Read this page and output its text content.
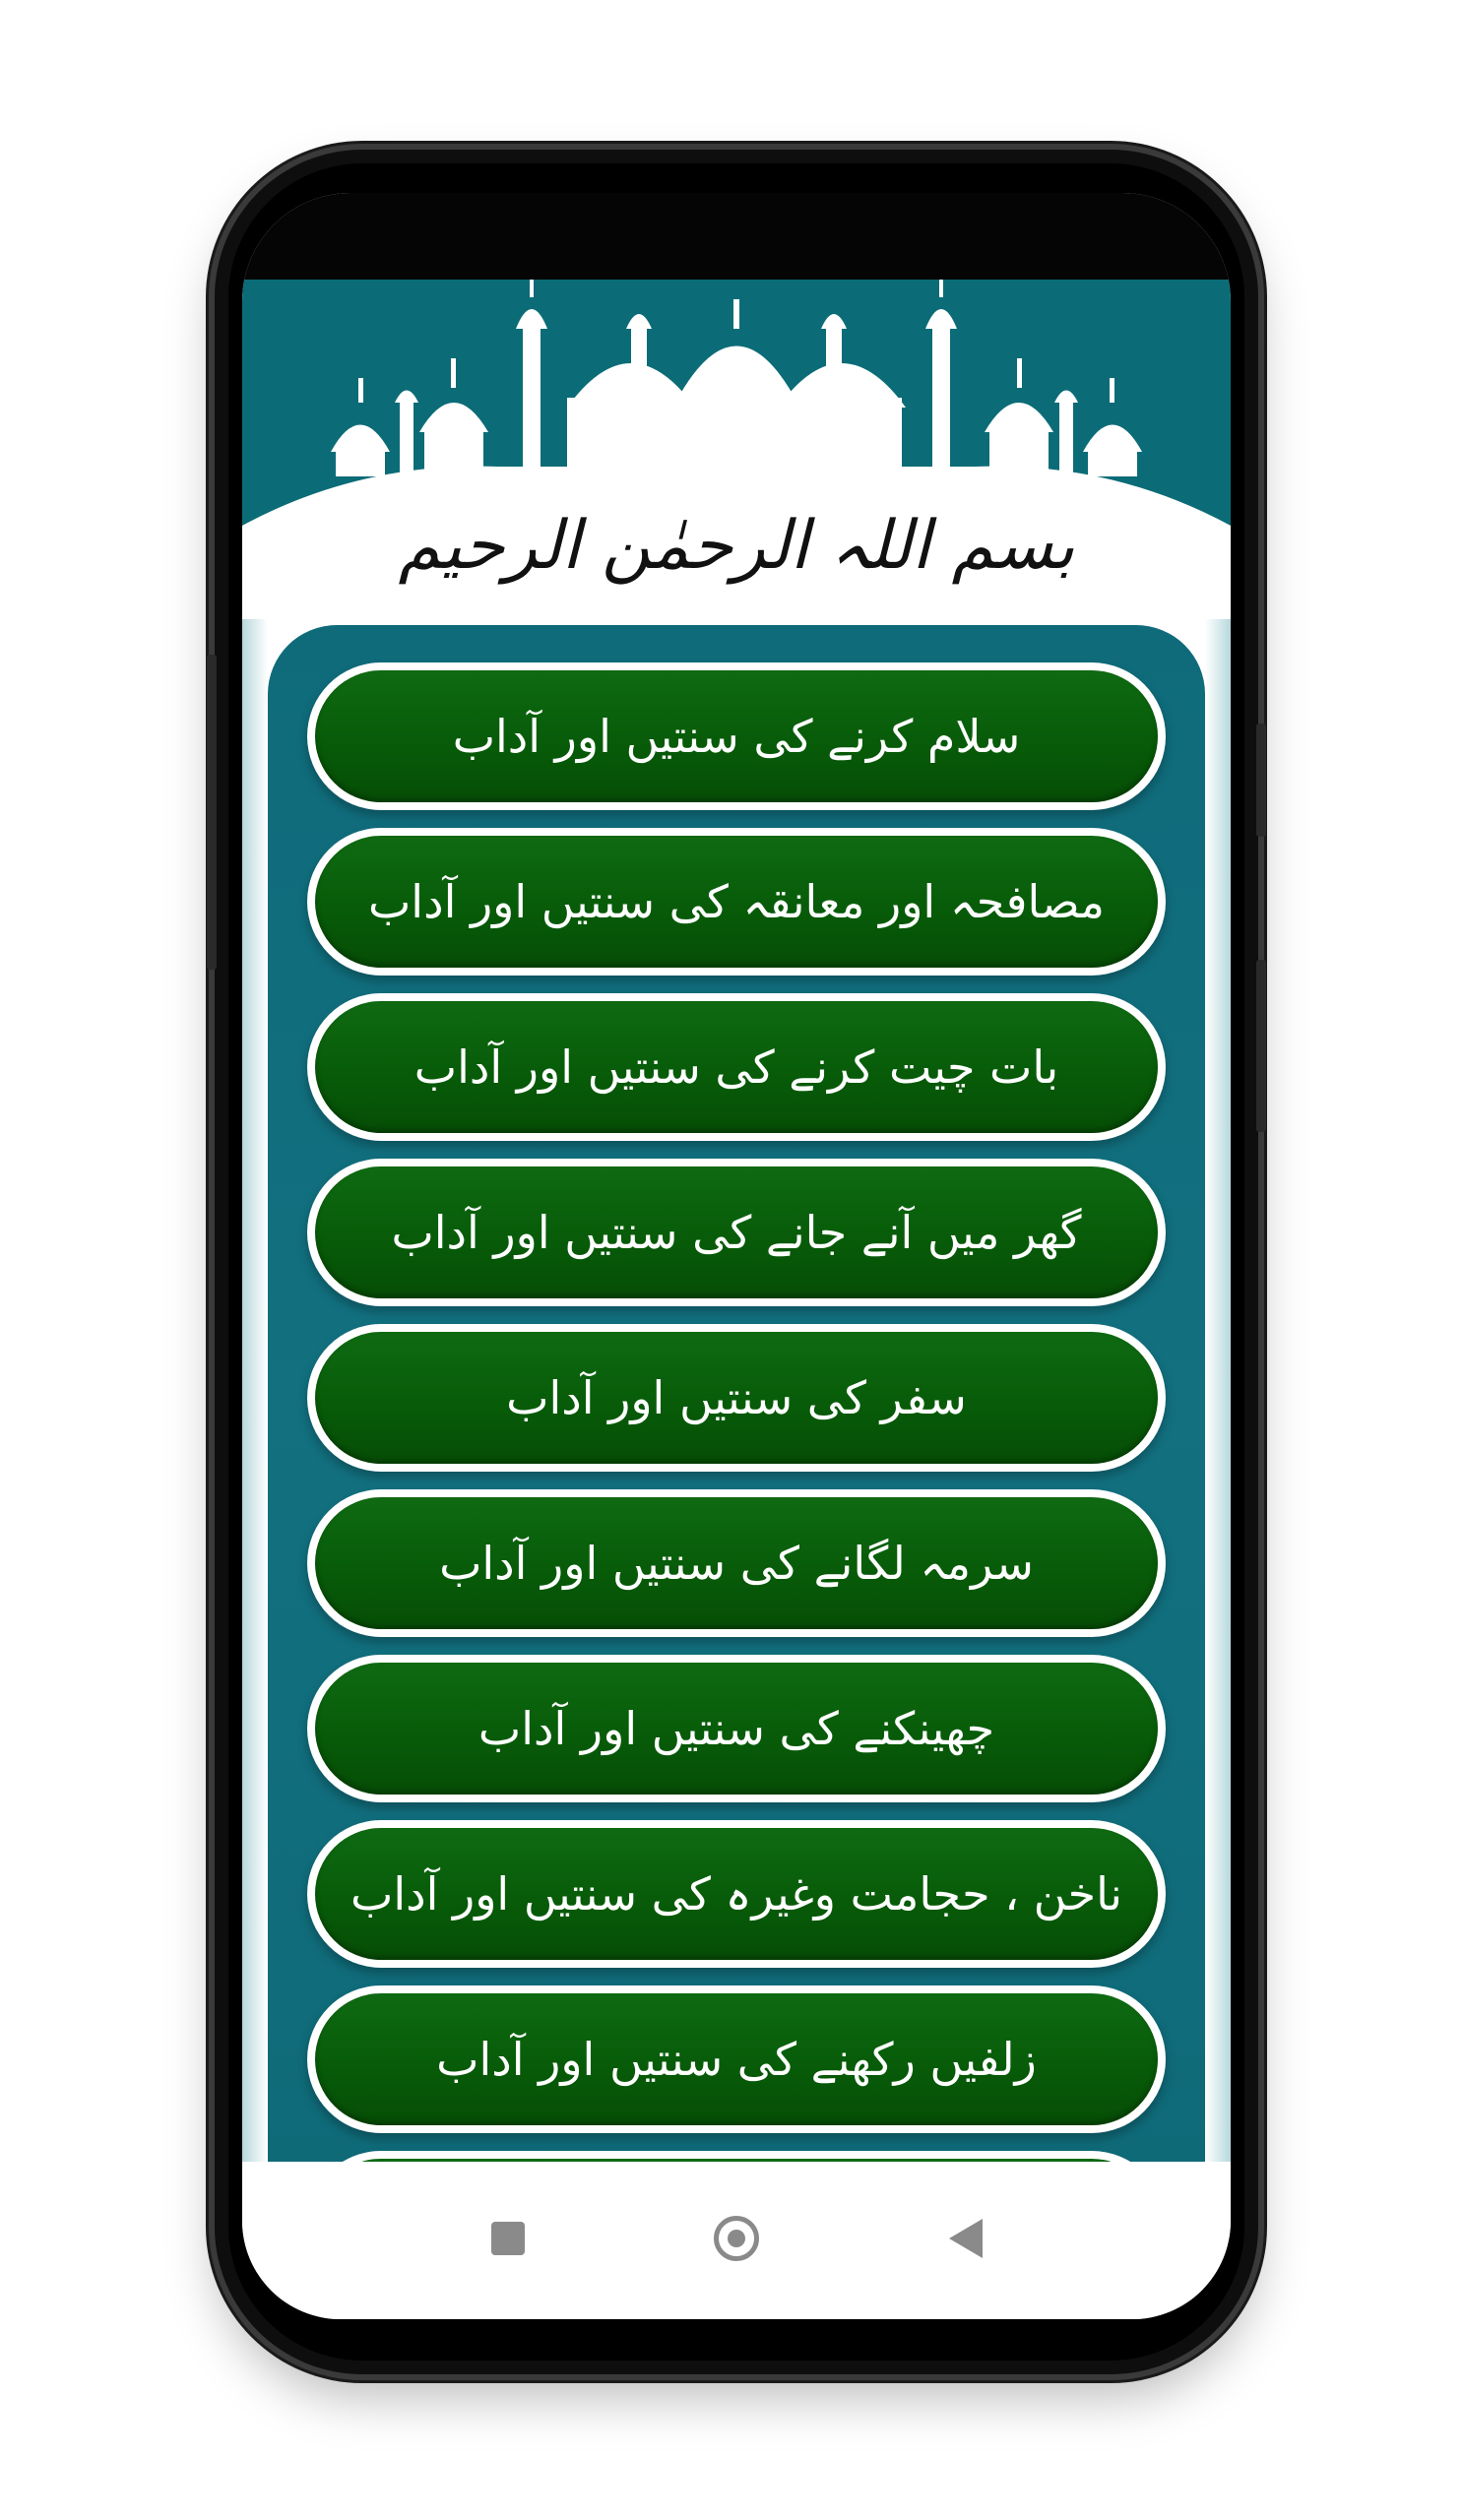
بسم اللہ الرحمٰن الرحیم
سلام کرنے کی سنتیں اور آداب
مصافحہ اور معانقہ کی سنتیں اور آداب
بات چیت کرنے کی سنتیں اور آداب
گھر میں آنے جانے کی سنتیں اور آداب
سفر کی سنتیں اور آداب
سرمہ لگانے کی سنتیں اور آداب
چھینکنے کی سنتیں اور آداب
ناخن ، حجامت وغیرہ کی سنتیں اور آداب
زلفیں رکھنے کی سنتیں اور آداب
